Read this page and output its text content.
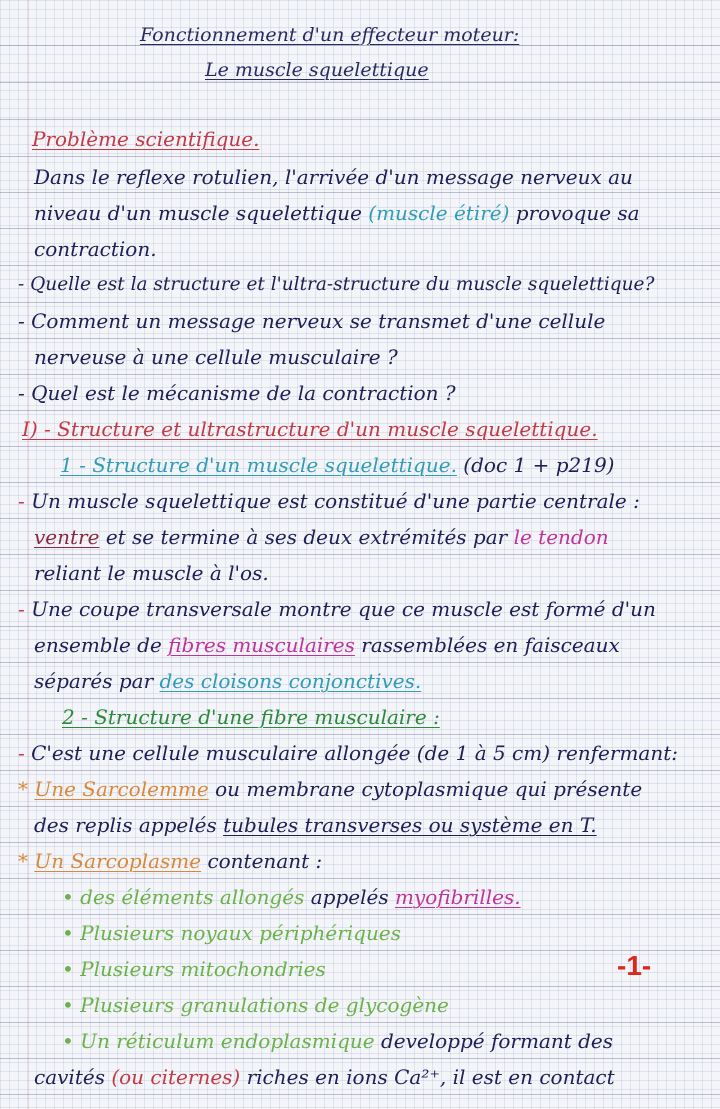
Fonctionnement d'un effecteur moteur:

Le muscle squelettique

Problème scientifique.

Dans le reflexe rotulien, l'arrivée d'un message nerveux au

niveau d'un muscle squelettique (muscle étiré) provoque sa

contraction.

- Quelle est la structure et l'ultra-structure du muscle squelettique?

- Comment un message nerveux se transmet d'une cellule

nerveuse à une cellule musculaire ?

- Quel est le mécanisme de la contraction ?

I) - Structure et ultrastructure d'un muscle squelettique.

1 - Structure d'un muscle squelettique. (doc 1 + p219)

- Un muscle squelettique est constitué d'une partie centrale :

ventre et se termine à ses deux extrémités par le tendon

reliant le muscle à l'os.

- Une coupe transversale montre que ce muscle est formé d'un

ensemble de fibres musculaires rassemblées en faisceaux

séparés par des cloisons conjonctives.

2 - Structure d'une fibre musculaire :

- C'est une cellule musculaire allongée (de 1 à 5 cm) renfermant:

* Une Sarcolemme ou membrane cytoplasmique qui présente

des replis appelés tubules transverses ou système en T.

* Un Sarcoplasme contenant :

• des éléments allongés appelés myofibrilles.

• Plusieurs noyaux périphériques

• Plusieurs mitochondries

• Plusieurs granulations de glycogène

• Un réticulum endoplasmique developpé formant des

cavités (ou citernes) riches en ions Ca²⁺, il est en contact

-1-
